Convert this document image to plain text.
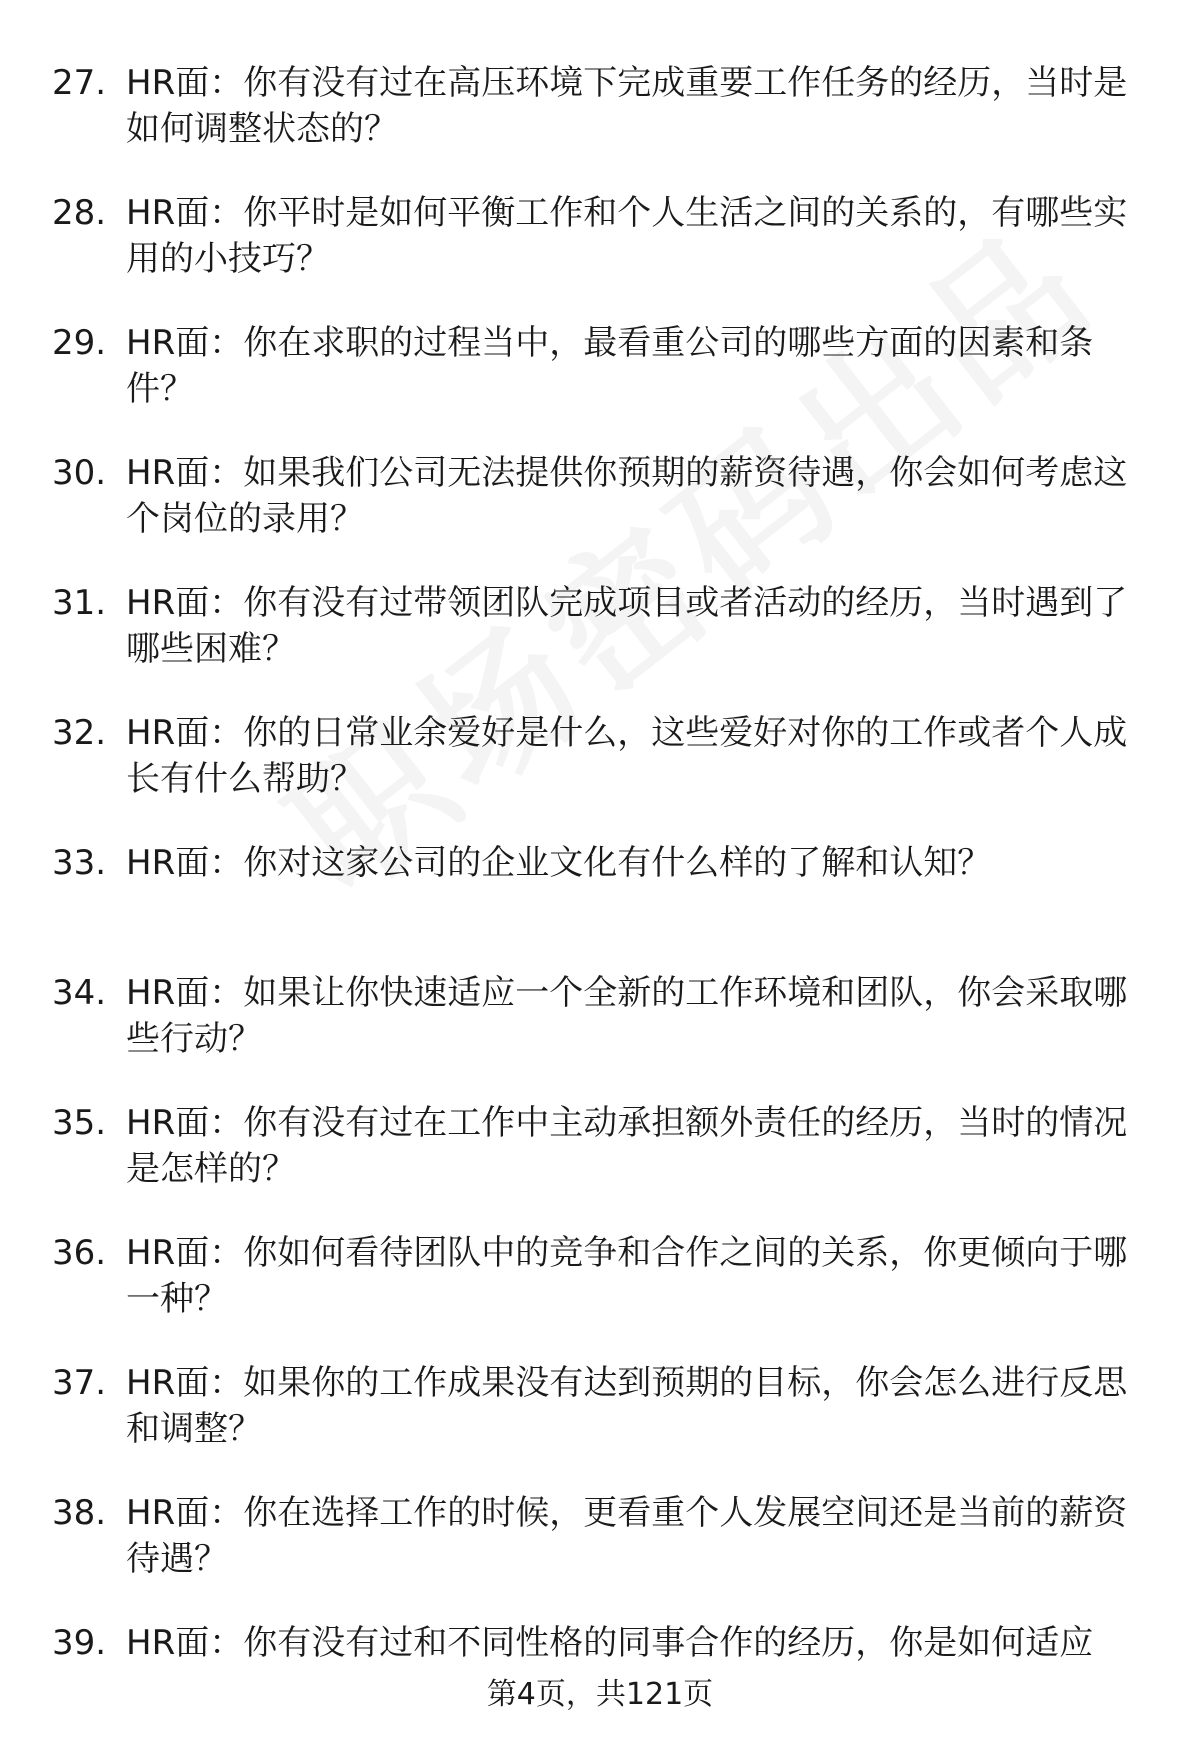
27. HR面：你有没有过在高压环境下完成重要工作任务的经历，当时是如何调整状态的？
28. HR面：你平时是如何平衡工作和个人生活之间的关系的，有哪些实用的小技巧？
29. HR面：你在求职的过程当中，最看重公司的哪些方面的因素和条件？
30. HR面：如果我们公司无法提供你预期的薪资待遇，你会如何考虑这个岗位的录用？
31. HR面：你有没有过带领团队完成项目或者活动的经历，当时遇到了哪些困难？
32. HR面：你的日常业余爱好是什么，这些爱好对你的工作或者个人成长有什么帮助？
33. HR面：你对这家公司的企业文化有什么样的了解和认知？
34. HR面：如果让你快速适应一个全新的工作环境和团队，你会采取哪些行动？
35. HR面：你有没有过在工作中主动承担额外责任的经历，当时的情况是怎样的？
36. HR面：你如何看待团队中的竞争和合作之间的关系，你更倾向于哪一种？
37. HR面：如果你的工作成果没有达到预期的目标，你会怎么进行反思和调整？
38. HR面：你在选择工作的时候，更看重个人发展空间还是当前的薪资待遇？
39. HR面：你有没有过和不同性格的同事合作的经历，你是如何适应
第4页，共121页
